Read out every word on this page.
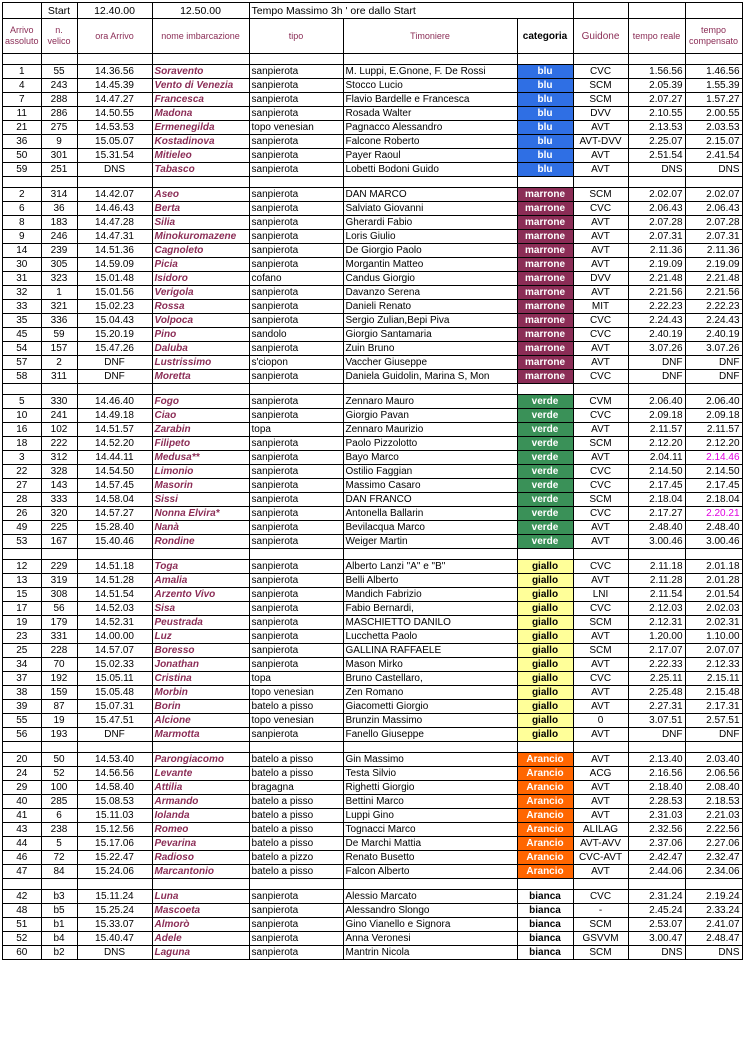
	Start	12.40.00	12.50.00	Tempo Massimo 3h ' ore dallo Start					
Arrivo assoluto	n. velico	ora Arrivo	nome imbarcazione	tipo	Timoniere	categoria	Guidone	tempo reale	tempo compensato

1	55	14.36.56	Soravento	sanpierota	M. Luppi, E.Gnone, F. De Rossi	blu	CVC	1.56.56	1.46.56
4	243	14.45.39	Vento di Venezia	sanpierota	Stocco Lucio	blu	SCM	2.05.39	1.55.39
7	288	14.47.27	Francesca	sanpierota	Flavio Bardelle e Francesca	blu	SCM	2.07.27	1.57.27
11	286	14.50.55	Madona	sanpierota	Rosada Walter	blu	DVV	2.10.55	2.00.55
21	275	14.53.53	Ermenegilda	topo venesian	Pagnacco Alessandro	blu	AVT	2.13.53	2.03.53
36	9	15.05.07	Kostadinova	sanpierota	Falcone Roberto	blu	AVT-DVV	2.25.07	2.15.07
50	301	15.31.54	Mitieleo	sanpierota	Payer Raoul	blu	AVT	2.51.54	2.41.54
59	251	DNS	Tabasco	sanpierota	Lobetti Bodoni Guido	blu	AVT	DNS	DNS

2	314	14.42.07	Aseo	sanpierota	DAN MARCO	marrone	SCM	2.02.07	2.02.07
6	36	14.46.43	Berta	sanpierota	Salviato Giovanni	marrone	CVC	2.06.43	2.06.43
8	183	14.47.28	Silia	sanpierota	Gherardi Fabio	marrone	AVT	2.07.28	2.07.28
9	246	14.47.31	Minokuromazene	sanpierota	Loris Giulio	marrone	AVT	2.07.31	2.07.31
14	239	14.51.36	Cagnoleto	sanpierota	De Giorgio Paolo	marrone	AVT	2.11.36	2.11.36
30	305	14.59.09	Picia	sanpierota	Morgantin Matteo	marrone	AVT	2.19.09	2.19.09
31	323	15.01.48	Isidoro	cofano	Candus Giorgio	marrone	DVV	2.21.48	2.21.48
32	1	15.01.56	Verigola	sanpierota	Davanzo Serena	marrone	AVT	2.21.56	2.21.56
33	321	15.02.23	Rossa	sanpierota	Danieli Renato	marrone	MIT	2.22.23	2.22.23
35	336	15.04.43	Volpoca	sanpierota	Sergio Zulian,Bepi Piva	marrone	CVC	2.24.43	2.24.43
45	59	15.20.19	Pino	sandolo	Giorgio Santamaria	marrone	CVC	2.40.19	2.40.19
54	157	15.47.26	Daluba	sanpierota	Zuin Bruno	marrone	AVT	3.07.26	3.07.26
57	2	DNF	Lustrissimo	s'ciopon	Vaccher Giuseppe	marrone	AVT	DNF	DNF
58	311	DNF	Moretta	sanpierota	Daniela Guidolin, Marina S, Mon	marrone	CVC	DNF	DNF

5	330	14.46.40	Fogo	sanpierota	Zennaro Mauro	verde	CVM	2.06.40	2.06.40
10	241	14.49.18	Ciao	sanpierota	Giorgio Pavan	verde	CVC	2.09.18	2.09.18
16	102	14.51.57	Zarabin	topa	Zennaro Maurizio	verde	AVT	2.11.57	2.11.57
18	222	14.52.20	Filipeto	sanpierota	Paolo Pizzolotto	verde	SCM	2.12.20	2.12.20
3	312	14.44.11	Medusa**	sanpierota	Bayo Marco	verde	AVT	2.04.11	2.14.46
22	328	14.54.50	Limonio	sanpierota	Ostilio Faggian	verde	CVC	2.14.50	2.14.50
27	143	14.57.45	Masorin	sanpierota	Massimo Casaro	verde	CVC	2.17.45	2.17.45
28	333	14.58.04	Sissi	sanpierota	DAN FRANCO	verde	SCM	2.18.04	2.18.04
26	320	14.57.27	Nonna Elvira*	sanpierota	Antonella Ballarin	verde	CVC	2.17.27	2.20.21
49	225	15.28.40	Nanà	sanpierota	Bevilacqua Marco	verde	AVT	2.48.40	2.48.40
53	167	15.40.46	Rondine	sanpierota	Weiger Martin	verde	AVT	3.00.46	3.00.46

12	229	14.51.18	Toga	sanpierota	Alberto Lanzi "A" e "B"	giallo	CVC	2.11.18	2.01.18
13	319	14.51.28	Amalia	sanpierota	Belli Alberto	giallo	AVT	2.11.28	2.01.28
15	308	14.51.54	Arzento Vivo	sanpierota	Mandich Fabrizio	giallo	LNI	2.11.54	2.01.54
17	56	14.52.03	Sisa	sanpierota	Fabio Bernardi,	giallo	CVC	2.12.03	2.02.03
19	179	14.52.31	Peustrada	sanpierota	MASCHIETTO DANILO	giallo	SCM	2.12.31	2.02.31
23	331	14.00.00	Luz	sanpierota	Lucchetta Paolo	giallo	AVT	1.20.00	1.10.00
25	228	14.57.07	Boresso	sanpierota	GALLINA RAFFAELE	giallo	SCM	2.17.07	2.07.07
34	70	15.02.33	Jonathan	sanpierota	Mason Mirko	giallo	AVT	2.22.33	2.12.33
37	192	15.05.11	Cristina	topa	Bruno Castellaro,	giallo	CVC	2.25.11	2.15.11
38	159	15.05.48	Morbin	topo venesian	Zen Romano	giallo	AVT	2.25.48	2.15.48
39	87	15.07.31	Borin	batelo a pisso	Giacometti Giorgio	giallo	AVT	2.27.31	2.17.31
55	19	15.47.51	Alcione	topo venesian	Brunzin Massimo	giallo	0	3.07.51	2.57.51
56	193	DNF	Marmotta	sanpierota	Fanello Giuseppe	giallo	AVT	DNF	DNF

20	50	14.53.40	Parongiacomo	batelo a pisso	Gin Massimo	Arancio	AVT	2.13.40	2.03.40
24	52	14.56.56	Levante	batelo a pisso	Testa Silvio	Arancio	ACG	2.16.56	2.06.56
29	100	14.58.40	Attilia	bragagna	Righetti Giorgio	Arancio	AVT	2.18.40	2.08.40
40	285	15.08.53	Armando	batelo a pisso	Bettini Marco	Arancio	AVT	2.28.53	2.18.53
41	6	15.11.03	Iolanda	batelo a pisso	Luppi Gino	Arancio	AVT	2.31.03	2.21.03
43	238	15.12.56	Romeo	batelo a pisso	Tognacci Marco	Arancio	ALILAG	2.32.56	2.22.56
44	5	15.17.06	Pevarina	batelo a pisso	De Marchi Mattia	Arancio	AVT-AVV	2.37.06	2.27.06
46	72	15.22.47	Radioso	batelo a pizzo	Renato Busetto	Arancio	CVC-AVT	2.42.47	2.32.47
47	84	15.24.06	Marcantonio	batelo a pisso	Falcon Alberto	Arancio	AVT	2.44.06	2.34.06

42	b3	15.11.24	Luna	sanpierota	Alessio Marcato	bianca	CVC	2.31.24	2.19.24
48	b5	15.25.24	Mascoeta	sanpierota	Alessandro Slongo	bianca	-	2.45.24	2.33.24
51	b1	15.33.07	Almorò	sanpierota	Gino Vianello e Signora	bianca	SCM	2.53.07	2.41.07
52	b4	15.40.47	Adele	sanpierota	Anna Veronesi	bianca	GSVVM	3.00.47	2.48.47
60	b2	DNS	Laguna	sanpierota	Mantrin Nicola	bianca	SCM	DNS	DNS
